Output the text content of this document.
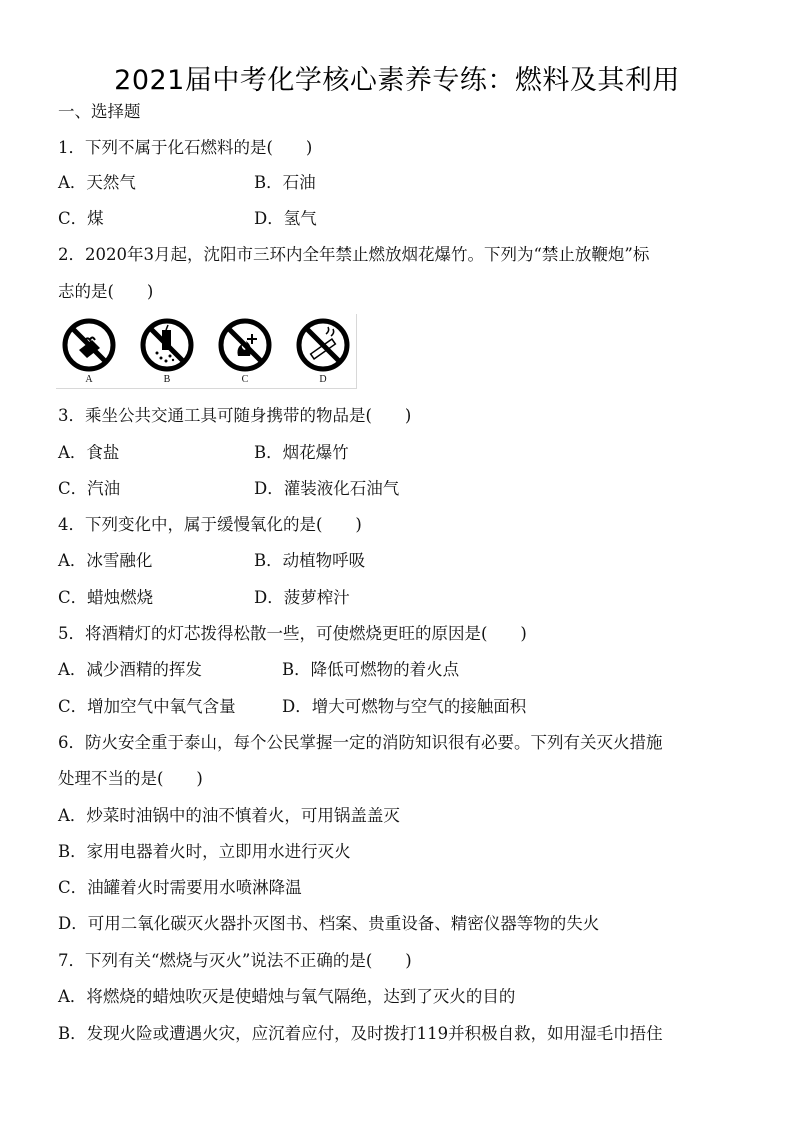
2021届中考化学核心素养专练：燃料及其利用
一、选择题
1．下列不属于化石燃料的是(　　)
A．天然气	B．石油
C．煤	D．氢气
2．2020年3月起，沈阳市三环内全年禁止燃放烟花爆竹。下列为“禁止放鞭炮”标
志的是(　　)
A	B	C	D
3．乘坐公共交通工具可随身携带的物品是(　　)
A．食盐	B．烟花爆竹
C．汽油	D．灌装液化石油气
4．下列变化中，属于缓慢氧化的是(　　)
A．冰雪融化	B．动植物呼吸
C．蜡烛燃烧	D．菠萝榨汁
5．将酒精灯的灯芯拨得松散一些，可使燃烧更旺的原因是(　　)
A．减少酒精的挥发	B．降低可燃物的着火点
C．增加空气中氧气含量	D．增大可燃物与空气的接触面积
6．防火安全重于泰山，每个公民掌握一定的消防知识很有必要。下列有关灭火措施
处理不当的是(　　)
A．炒菜时油锅中的油不慎着火，可用锅盖盖灭
B．家用电器着火时，立即用水进行灭火
C．油罐着火时需要用水喷淋降温
D．可用二氧化碳灭火器扑灭图书、档案、贵重设备、精密仪器等物的失火
7．下列有关“燃烧与灭火”说法不正确的是(　　)
A．将燃烧的蜡烛吹灭是使蜡烛与氧气隔绝，达到了灭火的目的
B．发现火险或遭遇火灾，应沉着应付，及时拨打119并积极自救，如用湿毛巾捂住
